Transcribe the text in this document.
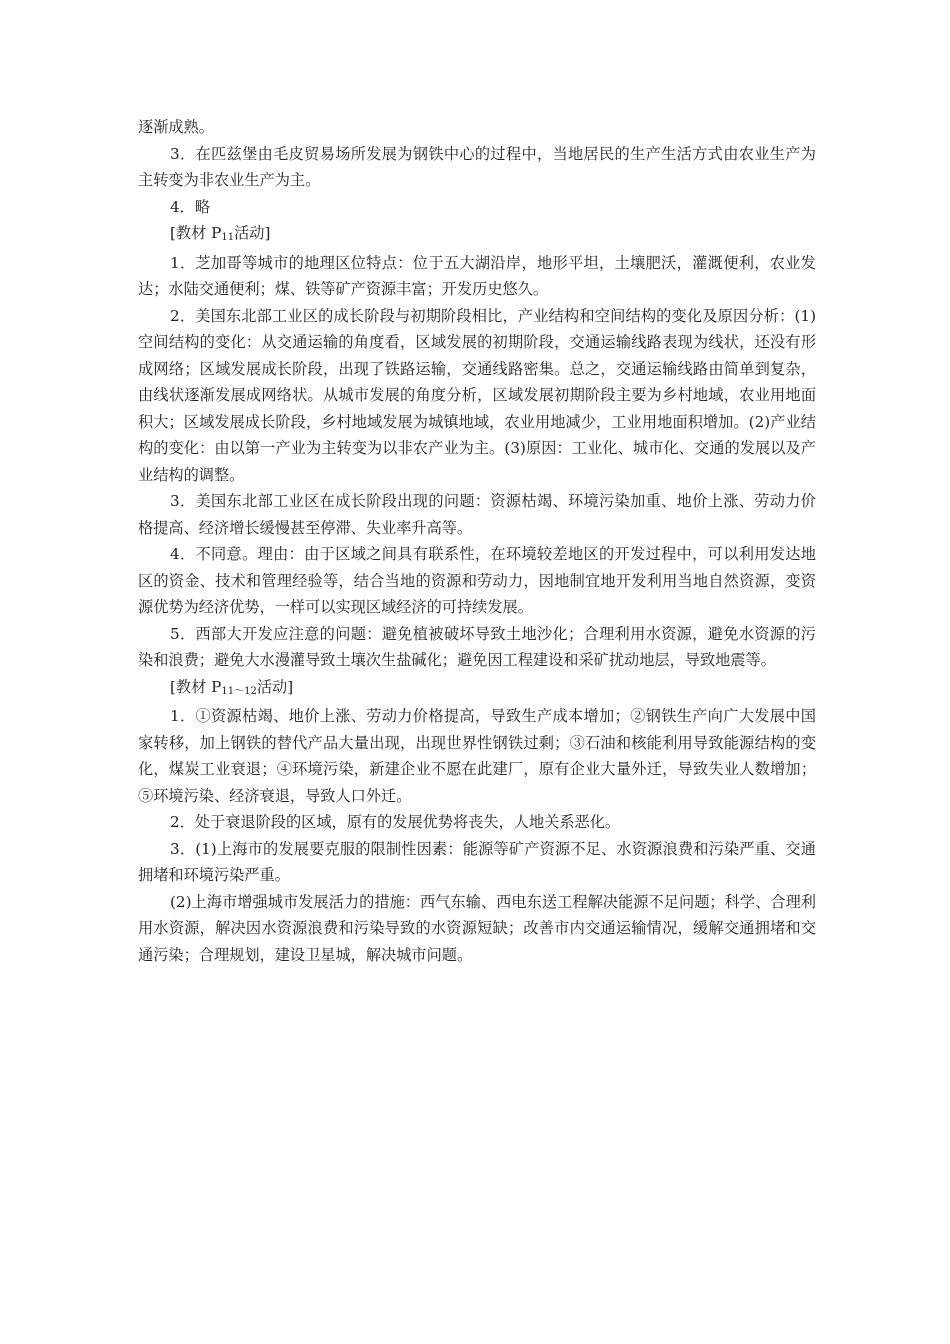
逐渐成熟。

3．在匹兹堡由毛皮贸易场所发展为钢铁中心的过程中，当地居民的生产生活方式由农业生产为主转变为非农业生产为主。

4．略

[教材 P11活动]

1．芝加哥等城市的地理区位特点：位于五大湖沿岸，地形平坦，土壤肥沃，灌溉便利，农业发达；水陆交通便利；煤、铁等矿产资源丰富；开发历史悠久。

2．美国东北部工业区的成长阶段与初期阶段相比，产业结构和空间结构的变化及原因分析：(1)空间结构的变化：从交通运输的角度看，区域发展的初期阶段，交通运输线路表现为线状，还没有形成网络；区域发展成长阶段，出现了铁路运输，交通线路密集。总之，交通运输线路由简单到复杂，由线状逐渐发展成网络状。从城市发展的角度分析，区域发展初期阶段主要为乡村地域，农业用地面积大；区域发展成长阶段，乡村地域发展为城镇地域，农业用地减少，工业用地面积增加。(2)产业结构的变化：由以第一产业为主转变为以非农产业为主。(3)原因：工业化、城市化、交通的发展以及产业结构的调整。

3．美国东北部工业区在成长阶段出现的问题：资源枯竭、环境污染加重、地价上涨、劳动力价格提高、经济增长缓慢甚至停滞、失业率升高等。

4．不同意。理由：由于区域之间具有联系性，在环境较差地区的开发过程中，可以利用发达地区的资金、技术和管理经验等，结合当地的资源和劳动力，因地制宜地开发利用当地自然资源，变资源优势为经济优势，一样可以实现区域经济的可持续发展。

5．西部大开发应注意的问题：避免植被破坏导致土地沙化；合理利用水资源，避免水资源的污染和浪费；避免大水漫灌导致土壤次生盐碱化；避免因工程建设和采矿扰动地层，导致地震等。

[教材 P11～12活动]

1．①资源枯竭、地价上涨、劳动力价格提高，导致生产成本增加；②钢铁生产向广大发展中国家转移，加上钢铁的替代产品大量出现，出现世界性钢铁过剩；③石油和核能利用导致能源结构的变化，煤炭工业衰退；④环境污染，新建企业不愿在此建厂，原有企业大量外迁，导致失业人数增加；⑤环境污染、经济衰退，导致人口外迁。

2．处于衰退阶段的区域，原有的发展优势将丧失，人地关系恶化。

3．(1)上海市的发展要克服的限制性因素：能源等矿产资源不足、水资源浪费和污染严重、交通拥堵和环境污染严重。

(2)上海市增强城市发展活力的措施：西气东输、西电东送工程解决能源不足问题；科学、合理利用水资源，解决因水资源浪费和污染导致的水资源短缺；改善市内交通运输情况，缓解交通拥堵和交通污染；合理规划，建设卫星城，解决城市问题。
